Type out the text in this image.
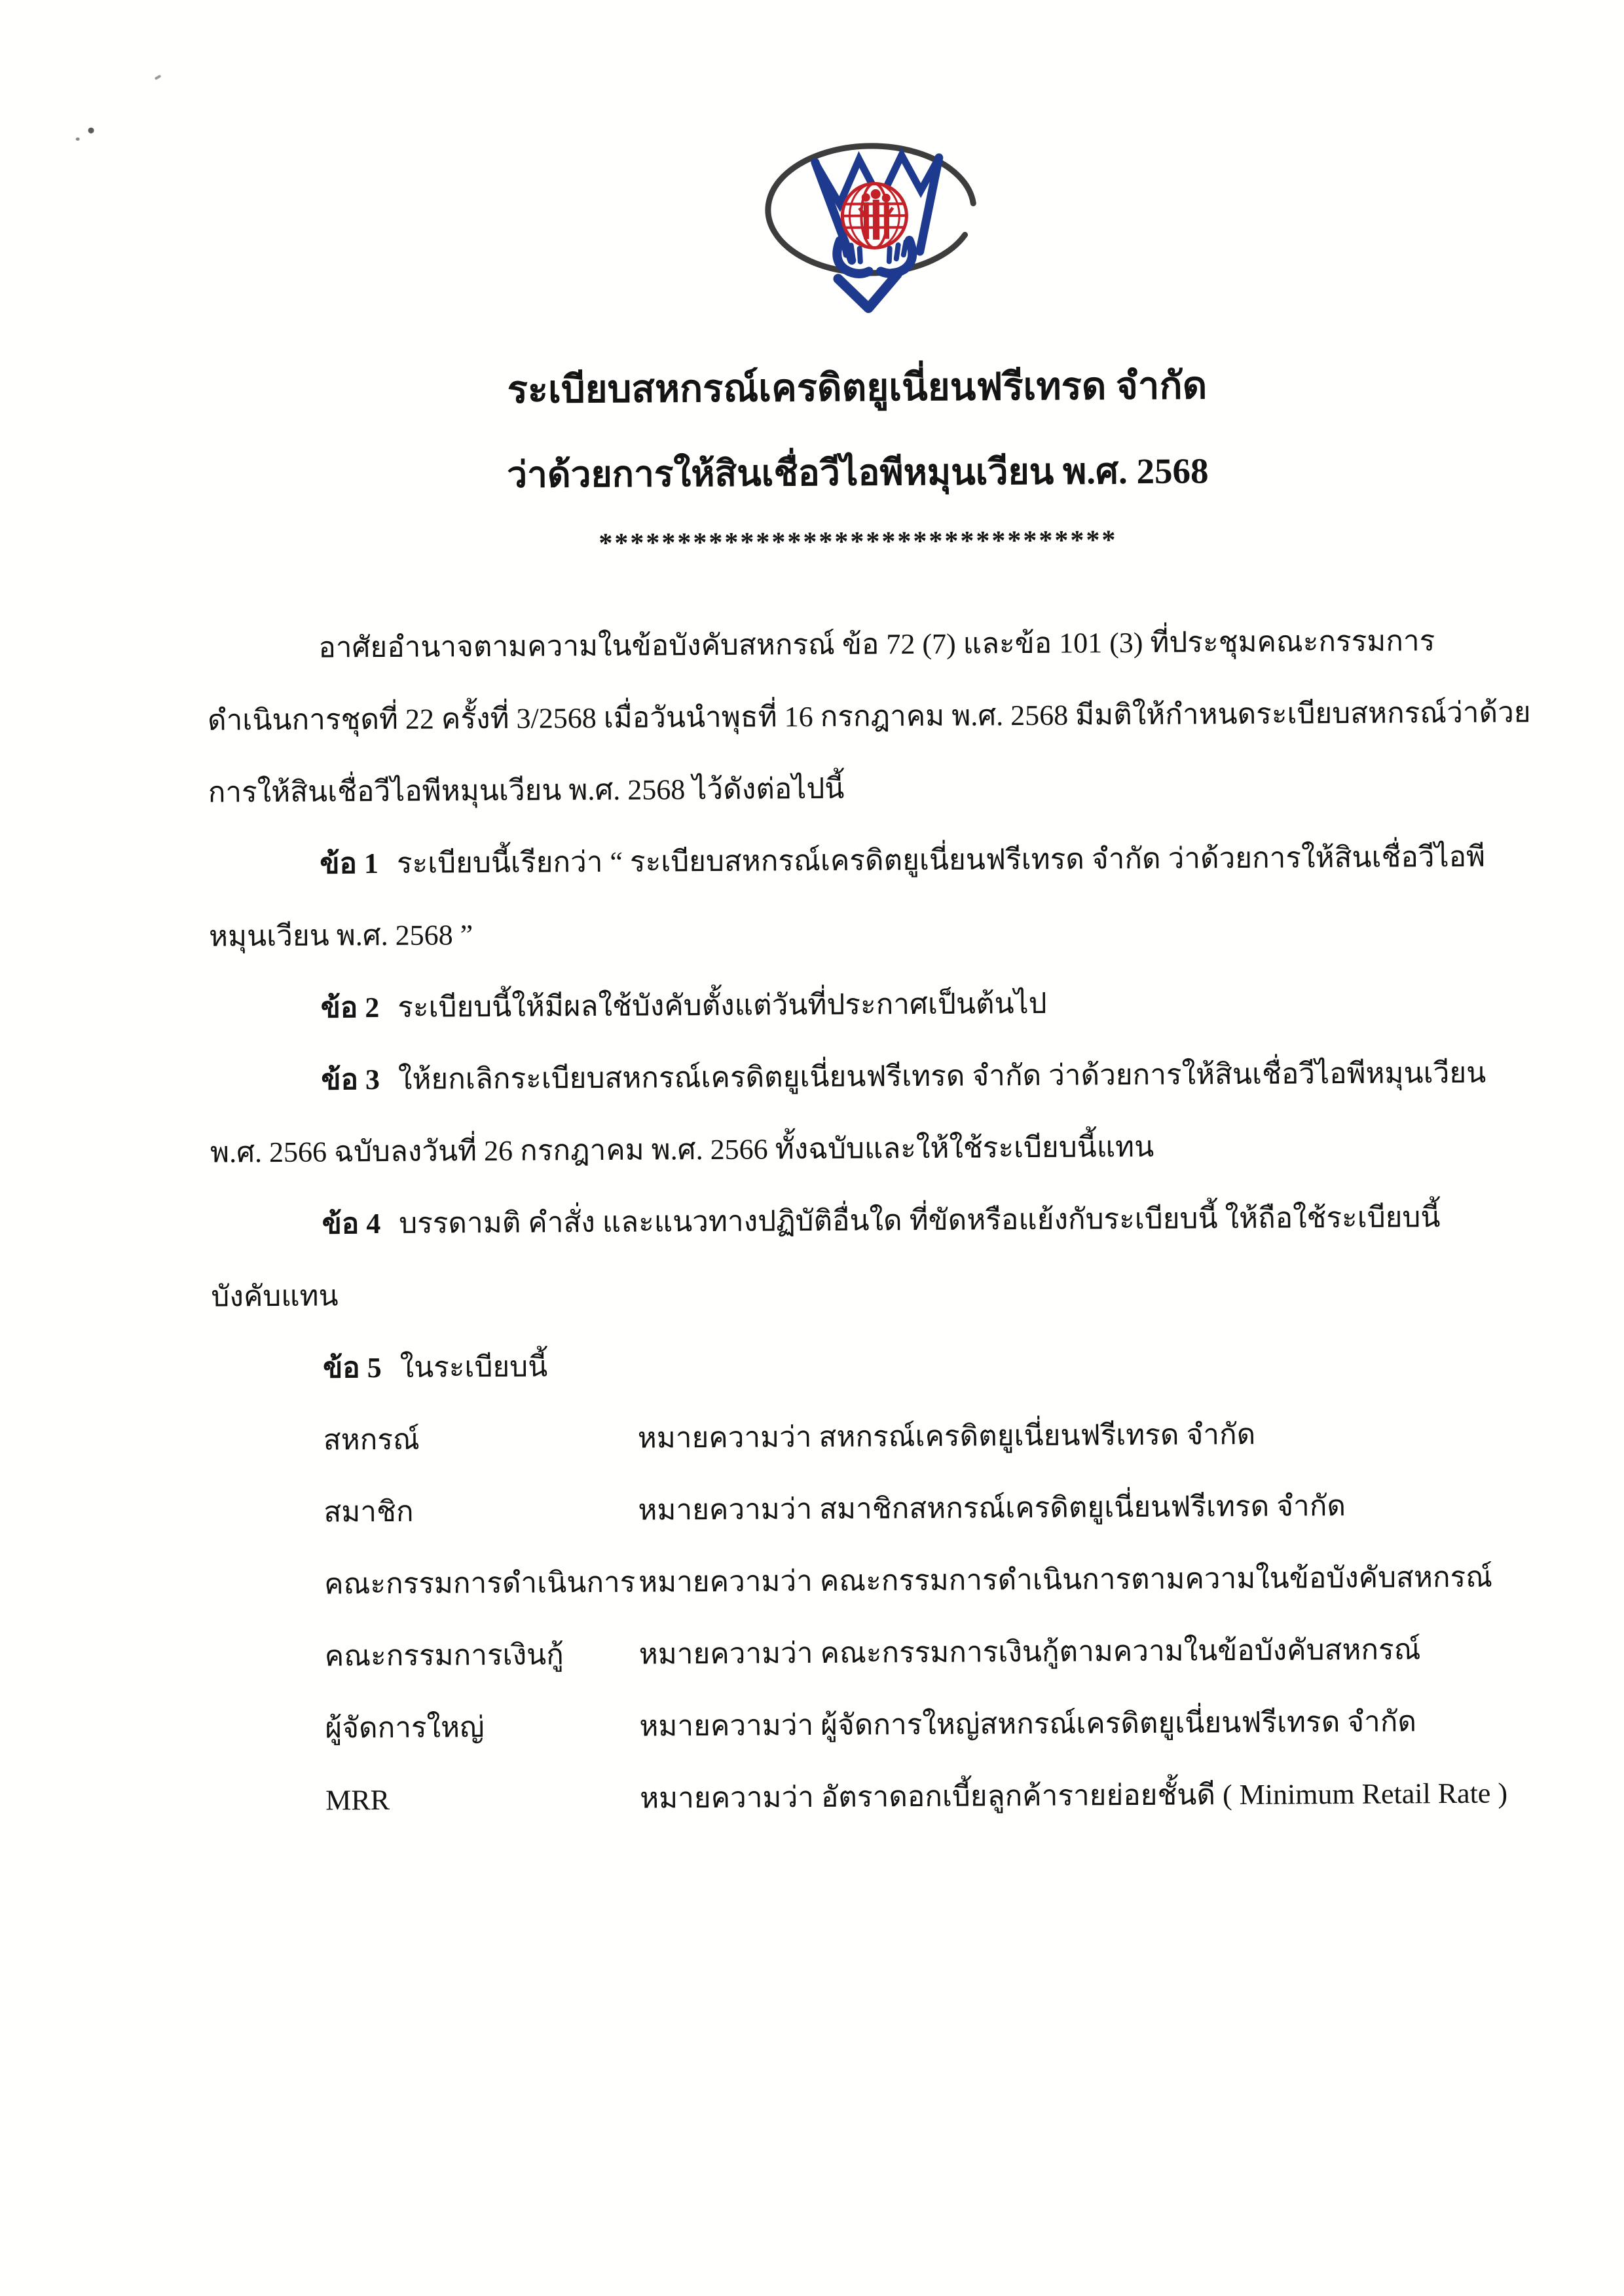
ระเบียบสหกรณ์เครดิตยูเนี่ยนฟรีเทรด จำกัด
ว่าด้วยการให้สินเชื่อวีไอพีหมุนเวียน พ.ศ. 2568
*********************************
อาศัยอำนาจตามความในข้อบังคับสหกรณ์ ข้อ 72 (7) และข้อ 101 (3) ที่ประชุมคณะกรรมการ
ดำเนินการชุดที่ 22 ครั้งที่ 3/2568 เมื่อวันนำพุธที่ 16 กรกฎาคม พ.ศ. 2568 มีมติให้กำหนดระเบียบสหกรณ์ว่าด้วย
การให้สินเชื่อวีไอพีหมุนเวียน พ.ศ. 2568 ไว้ดังต่อไปนี้
ข้อ 1 ระเบียบนี้เรียกว่า “ ระเบียบสหกรณ์เครดิตยูเนี่ยนฟรีเทรด จำกัด ว่าด้วยการให้สินเชื่อวีไอพี
หมุนเวียน พ.ศ. 2568 ”
ข้อ 2 ระเบียบนี้ให้มีผลใช้บังคับตั้งแต่วันที่ประกาศเป็นต้นไป
ข้อ 3 ให้ยกเลิกระเบียบสหกรณ์เครดิตยูเนี่ยนฟรีเทรด จำกัด ว่าด้วยการให้สินเชื่อวีไอพีหมุนเวียน
พ.ศ. 2566 ฉบับลงวันที่ 26 กรกฎาคม พ.ศ. 2566 ทั้งฉบับและให้ใช้ระเบียบนี้แทน
ข้อ 4 บรรดามติ คำสั่ง และแนวทางปฏิบัติอื่นใด ที่ขัดหรือแย้งกับระเบียบนี้ ให้ถือใช้ระเบียบนี้
บังคับแทน
ข้อ 5 ในระเบียบนี้
สหกรณ์	หมายความว่า สหกรณ์เครดิตยูเนี่ยนฟรีเทรด จำกัด
สมาชิก	หมายความว่า สมาชิกสหกรณ์เครดิตยูเนี่ยนฟรีเทรด จำกัด
คณะกรรมการดำเนินการ หมายความว่า คณะกรรมการดำเนินการตามความในข้อบังคับสหกรณ์
คณะกรรมการเงินกู้	หมายความว่า คณะกรรมการเงินกู้ตามความในข้อบังคับสหกรณ์
ผู้จัดการใหญ่	หมายความว่า ผู้จัดการใหญ่สหกรณ์เครดิตยูเนี่ยนฟรีเทรด จำกัด
MRR	หมายความว่า อัตราดอกเบี้ยลูกค้ารายย่อยชั้นดี ( Minimum Retail Rate )
